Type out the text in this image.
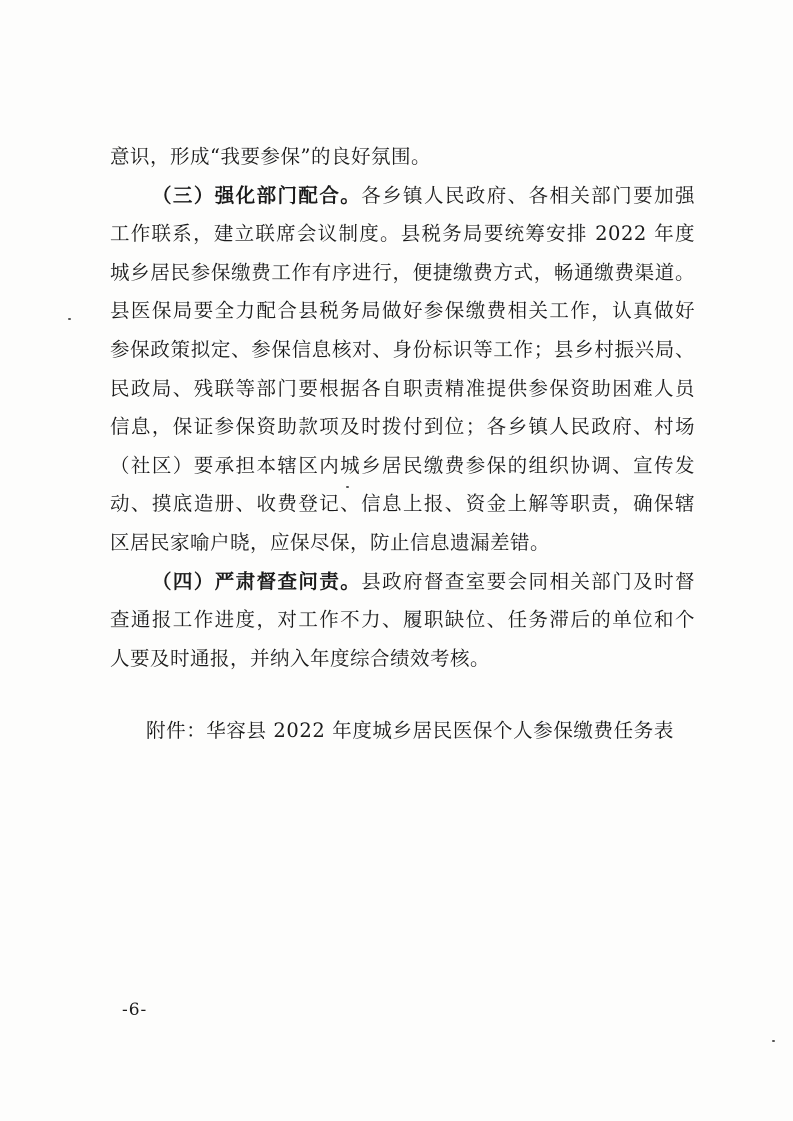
意识，形成“我要参保”的良好氛围。
（三）强化部门配合。各乡镇人民政府、各相关部门要加强
工作联系，建立联席会议制度。县税务局要统筹安排 2022 年度
城乡居民参保缴费工作有序进行，便捷缴费方式，畅通缴费渠道。
县医保局要全力配合县税务局做好参保缴费相关工作，认真做好
参保政策拟定、参保信息核对、身份标识等工作；县乡村振兴局、
民政局、残联等部门要根据各自职责精准提供参保资助困难人员
信息，保证参保资助款项及时拨付到位；各乡镇人民政府、村场
（社区）要承担本辖区内城乡居民缴费参保的组织协调、宣传发
动、摸底造册、收费登记、信息上报、资金上解等职责，确保辖
区居民家喻户晓，应保尽保，防止信息遗漏差错。
（四）严肃督查问责。县政府督查室要会同相关部门及时督
查通报工作进度，对工作不力、履职缺位、任务滞后的单位和个
人要及时通报，并纳入年度综合绩效考核。
附件：华容县 2022 年度城乡居民医保个人参保缴费任务表
-6-
